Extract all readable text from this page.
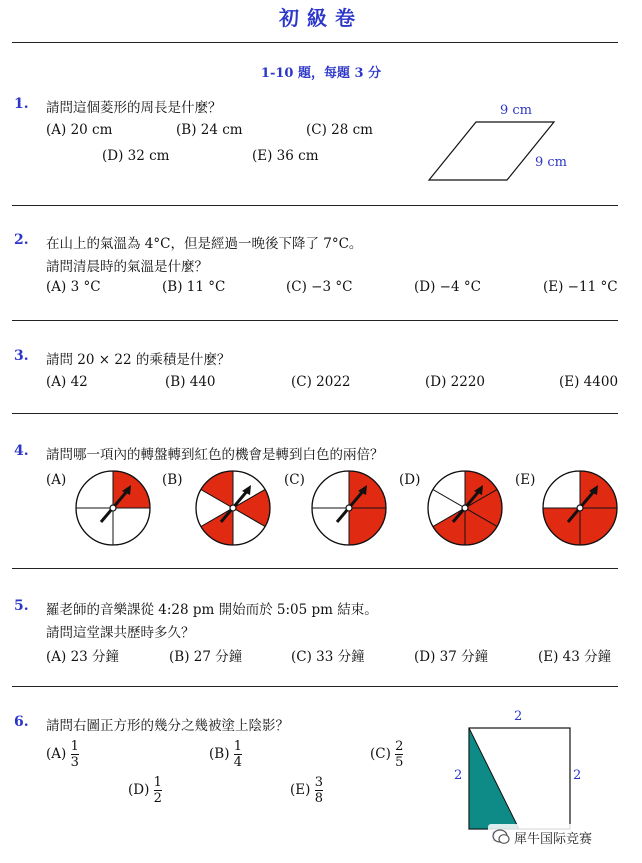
初級卷
1-10 題，每題 3 分
1. 請問這個菱形的周長是什麼？
(A) 20 cm	(B) 24 cm	(C) 28 cm
(D) 32 cm	(E) 36 cm
9 cm
9 cm
2. 在山上的氣溫為 4°C，但是經過一晚後下降了 7°C。
請問清晨時的氣溫是什麼？
(A) 3 °C	(B) 11 °C	(C) −3 °C	(D) −4 °C	(E) −11 °C
3. 請問 20 × 22 的乘積是什麼？
(A) 42	(B) 440	(C) 2022	(D) 2220	(E) 4400
4. 請問哪一項內的轉盤轉到紅色的機會是轉到白色的兩倍？
(A)	(B)	(C)	(D)	(E)
5. 羅老師的音樂課從 4:28 pm 開始而於 5:05 pm 結束。
請問這堂課共歷時多久？
(A) 23 分鐘	(B) 27 分鐘	(C) 33 分鐘	(D) 37 分鐘	(E) 43 分鐘
6. 請問右圖正方形的幾分之幾被塗上陰影？
$(A) \frac{1}{3}$	$(B) \frac{1}{4}$	$(C) \frac{2}{5}$
$(D) \frac{1}{2}$	$(E) \frac{3}{8}$
2
2	2
犀牛国际竞赛
